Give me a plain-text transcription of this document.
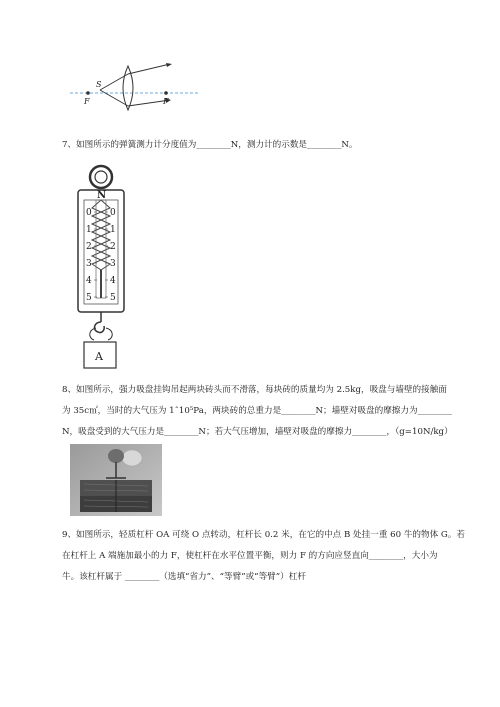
S
F	F
7、如图所示的弹簧测力计分度值为________N，测力计的示数是________N。
N
0
1
2
3
4
5
0
1
2
3
4
5
A
8、如图所示，强力吸盘挂钩吊起两块砖头而不滑落，每块砖的质量均为 2.5kg，吸盘与墙壁的接触面
为 35c㎡，当时的大气压为 1ˆ10⁵Pa，两块砖的总重力是________N；墙壁对吸盘的摩擦力为________
N，吸盘受到的大气压力是________N；若大气压增加，墙壁对吸盘的摩擦力________，（g=10N/kg）
9、如图所示，轻质杠杆 OA 可绕 O 点转动，杠杆长 0.2 米，在它的中点 B 处挂一重 60 牛的物体 G。若
在杠杆上 A 端施加最小的力 F，使杠杆在水平位置平衡，则力 F 的方向应竖直向________，大小为
牛。该杠杆属于 ________（选填“省力”、“等臂”或“等臂”）杠杆
